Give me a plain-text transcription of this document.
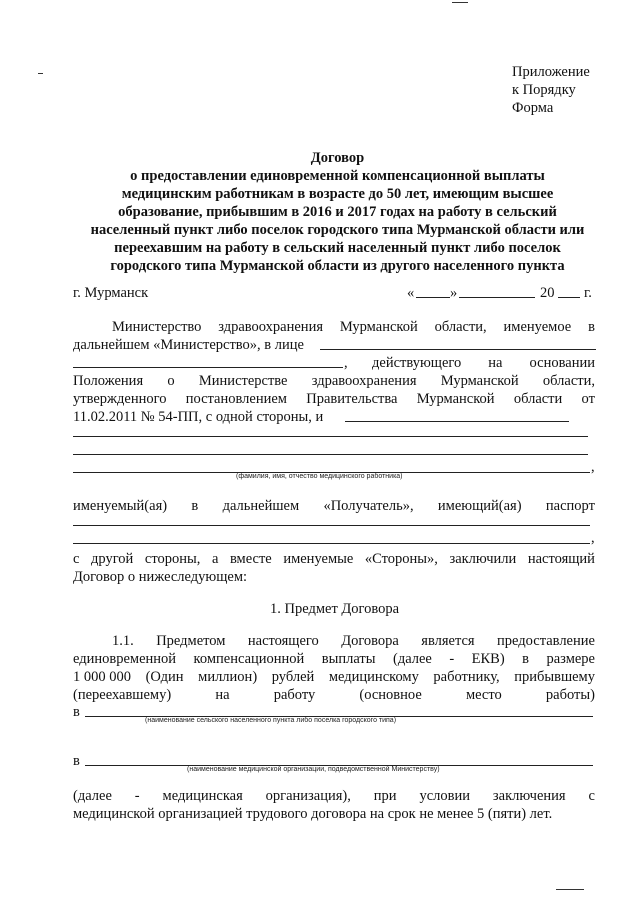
Приложение
к Порядку
Форма
Договор
о предоставлении единовременной компенсационной выплаты
медицинским работникам в возрасте до 50 лет, имеющим высшее
образование, прибывшим в 2016 и 2017 годах на работу в сельский
населенный пункт либо поселок городского типа Мурманской области или
переехавшим на работу в сельский населенный пункт либо поселок
городского типа Мурманской области из другого населенного пункта
г. Мурманск	« »	20 г.
Министерство здравоохранения Мурманской области, именуемое в
дальнейшем «Министерство», в лице
, действующего на основании
Положения о Министерстве здравоохранения Мурманской области,
утвержденного постановлением Правительства Мурманской области от
11.02.2011 № 54-ПП, с одной стороны, и
,
(фамилия, имя, отчество медицинского работника)
именуемый(ая) в дальнейшем «Получатель», имеющий(ая) паспорт
,
с другой стороны, а вместе именуемые «Стороны», заключили настоящий
Договор о нижеследующем:
1. Предмет Договора
1.1. Предметом настоящего Договора является предоставление
единовременной компенсационной выплаты (далее - ЕКВ) в размере
1 000 000 (Один миллион) рублей медицинскому работнику, прибывшему
(переехавшему)	на	работу	(основное	место	работы)
в
(наименование сельского населенного пункта либо поселка городского типа)
в
(наименование медицинской организации, подведомственной Министерству)
(далее - медицинская организация), при условии заключения с
медицинской организацией трудового договора на срок не менее 5 (пяти) лет.
